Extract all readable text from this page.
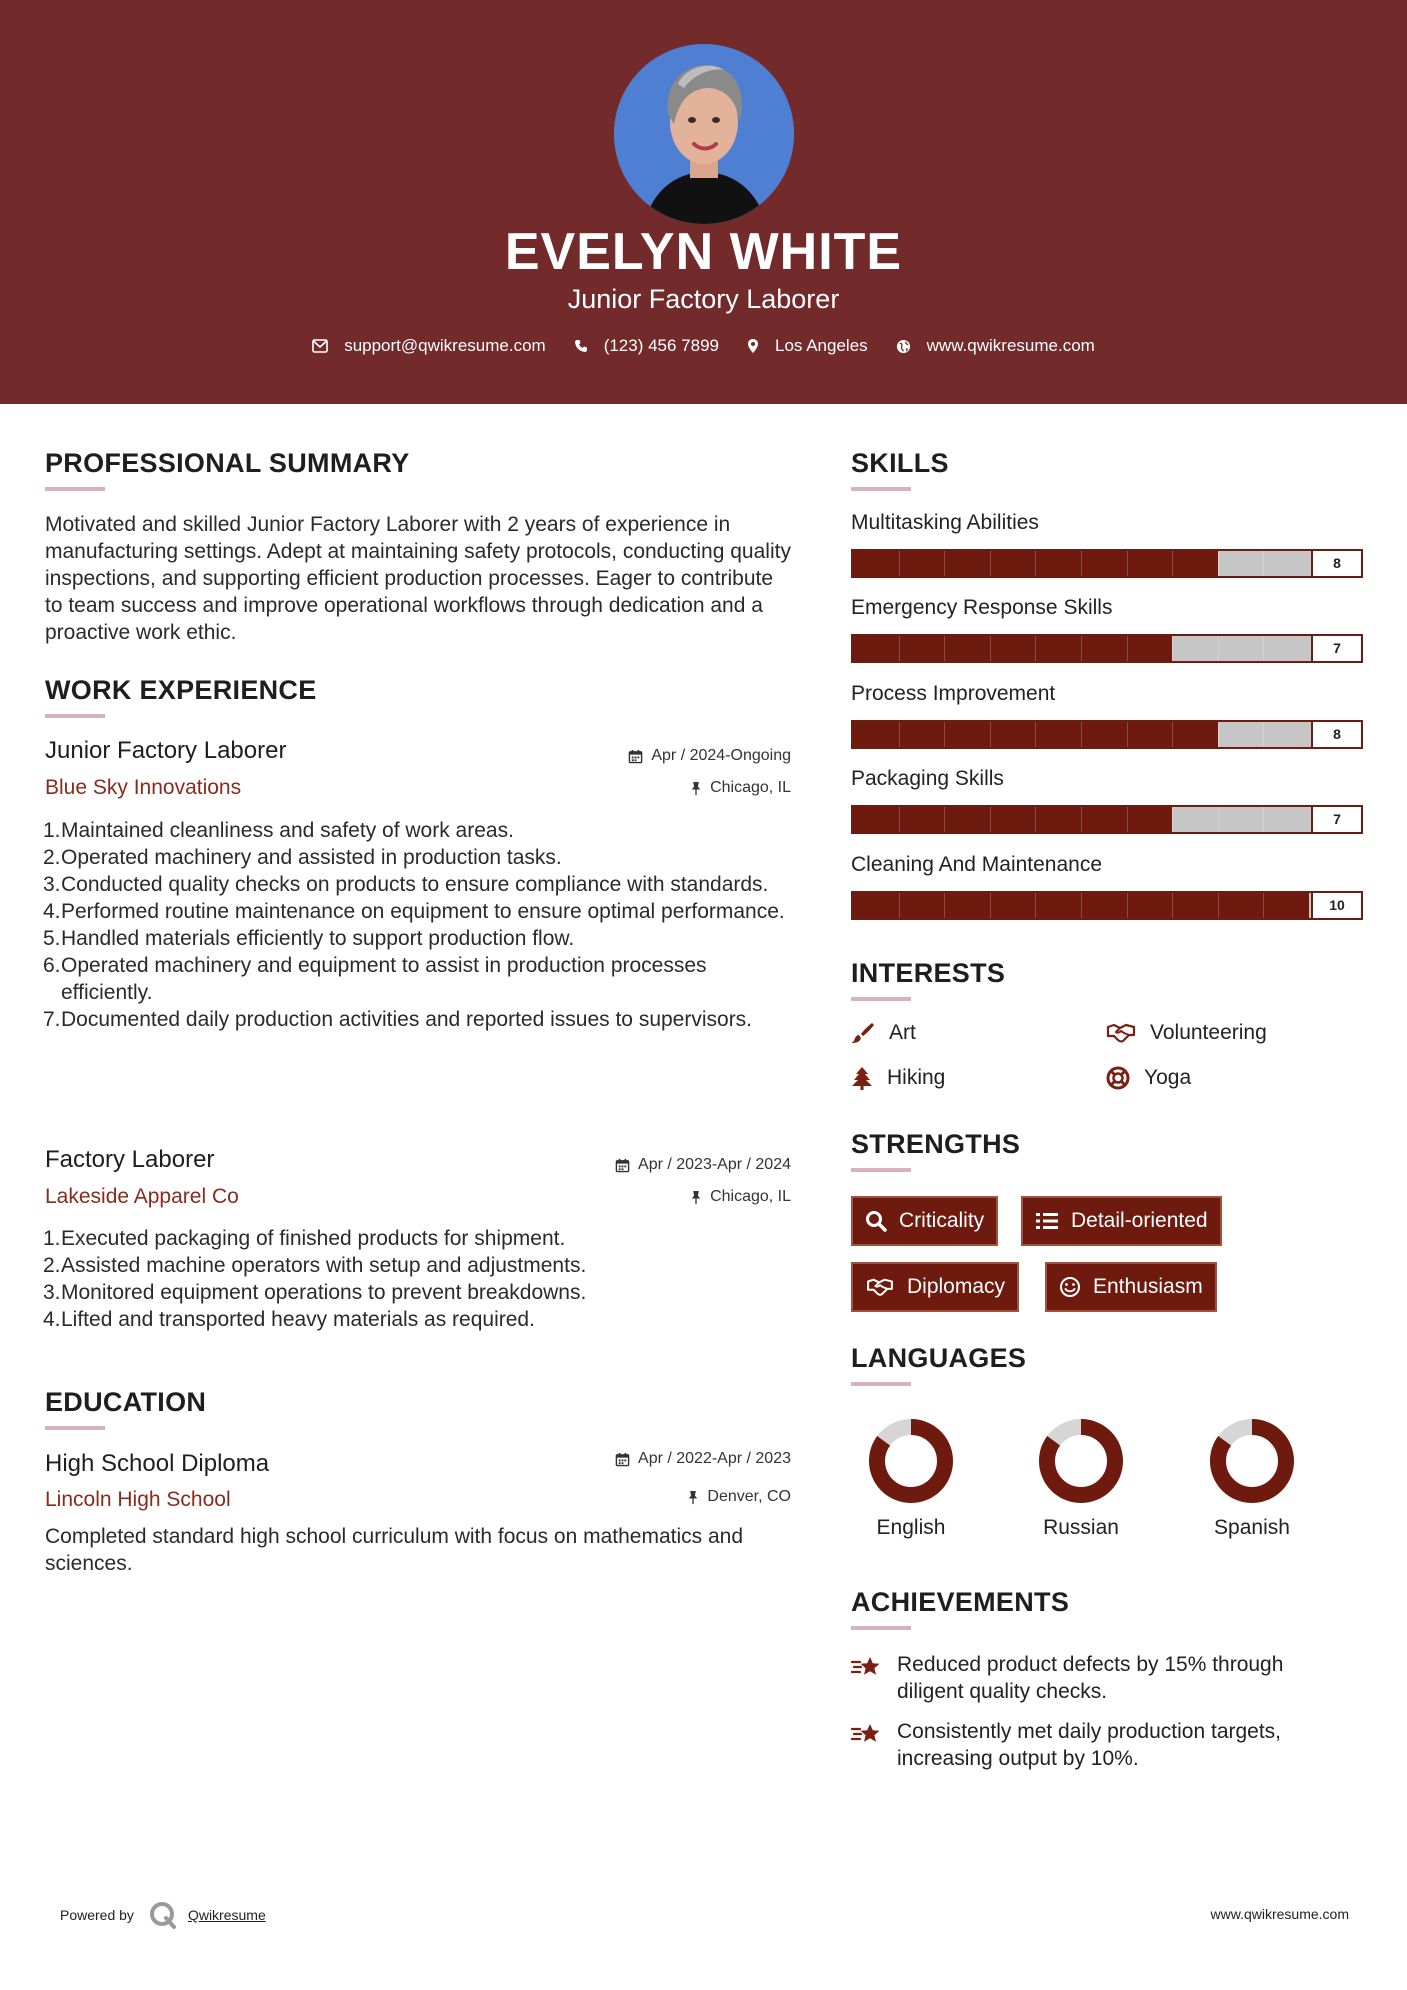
EVELYN WHITE
Junior Factory Laborer
support@qwikresume.com	(123) 456 7899	Los Angeles	www.qwikresume.com
PROFESSIONAL SUMMARY
Motivated and skilled Junior Factory Laborer with 2 years of experience in manufacturing settings. Adept at maintaining safety protocols, conducting quality inspections, and supporting efficient production processes. Eager to contribute to team success and improve operational workflows through dedication and a proactive work ethic.
WORK EXPERIENCE
Junior Factory Laborer	Apr / 2024-Ongoing
Blue Sky Innovations	Chicago, IL
1. Maintained cleanliness and safety of work areas.
2. Operated machinery and assisted in production tasks.
3. Conducted quality checks on products to ensure compliance with standards.
4. Performed routine maintenance on equipment to ensure optimal performance.
5. Handled materials efficiently to support production flow.
6. Operated machinery and equipment to assist in production processes efficiently.
7. Documented daily production activities and reported issues to supervisors.
Factory Laborer	Apr / 2023-Apr / 2024
Lakeside Apparel Co	Chicago, IL
1. Executed packaging of finished products for shipment.
2. Assisted machine operators with setup and adjustments.
3. Monitored equipment operations to prevent breakdowns.
4. Lifted and transported heavy materials as required.
EDUCATION
High School Diploma	Apr / 2022-Apr / 2023
Lincoln High School	Denver, CO
Completed standard high school curriculum with focus on mathematics and sciences.
SKILLS
Multitasking Abilities
8
Emergency Response Skills
7
Process Improvement
8
Packaging Skills
7
Cleaning And Maintenance
10
INTERESTS
Art	Volunteering
Hiking	Yoga
STRENGTHS
Criticality	Detail-oriented
Diplomacy	Enthusiasm
LANGUAGES
English	Russian	Spanish
ACHIEVEMENTS
Reduced product defects by 15% through diligent quality checks.
Consistently met daily production targets, increasing output by 10%.
Powered by	Qwikresume	www.qwikresume.com
